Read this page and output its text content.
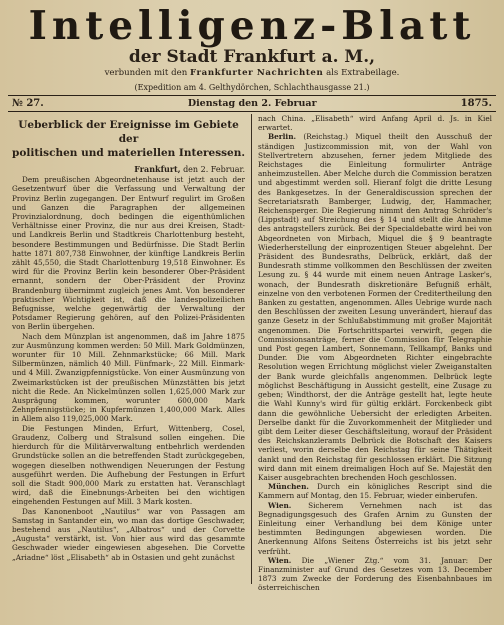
Intelligenz-Blatt
der Stadt Frankfurt a. M.,
verbunden mit den Frankfurter Nachrichten als Extrabeilage.
(Expedition am 4. Gelthydörchen, Schlachthausgasse 21.)
№ 27.	Dienstag den 2. Februar	1875.
Ueberblick der Ereignisse im Gebiete der
politischen und materiellen Interessen.
Frankfurt, den 2. Februar.

Dem preußischen Abgeordnetenhause ist jetzt auch der Gesetzentwurf über die Verfassung und Verwaltung der Provinz Berlin zugegangen. Der Entwurf regulirt im Großen und Ganzen die Paragraphen der allgemeinen Provinzialordnung, doch bedingen die eigenthümlichen Verhältnisse einer Provinz, die nur aus drei Kreisen, Stadt- und Landkreis Berlin und Stadtkreis Charlottenburg besteht, besondere Bestimmungen und Bedürfnisse. Die Stadt Berlin hatte 1871 807,738 Einwohner, der künftige Landkreis Berlin zählt 45,550, die Stadt Charlottenburg 19,518 Einwohner. Es wird für die Provinz Berlin kein besonderer Ober-Präsident ernannt, sondern der Ober-Präsident der Provinz Brandenburg übernimmt zugleich jenes Amt. Von besonderer praktischer Wichtigkeit ist, daß die landespolizeilichen Befugnisse, welche gegenwärtig der Verwaltung der Potsdamer Regierung gehören, auf den Polizei-Präsidenten von Berlin übergehen.

Nach dem Münzplan ist angenommen, daß im Jahre 1875 zur Ausmünzung kommen werden: 50 Mill. Mark Goldmünzen, worunter für 10 Mill. Zehnmarkstücke; 66 Mill. Mark Silbermünzen, nämlich 40 Mill. Fünfmark-, 22 Mill. Einmark- und 4 Mill. Zwanzigpfennigstücke. Von einer Ausmünzung von Zweimarkstücken ist der preußischen Münzstätten bis jetzt nicht die Rede. An Nickelmünzen sollen 1,625,000 Mark zur Ausprägung kommen, worunter 600,000 Mark Zehnpfennigstücke; in Kupfermünzen 1,400,000 Mark. Alles in Allem also 119,025,000 Mark.

Die Festungen Minden, Erfurt, Wittenberg, Cosel, Graudenz, Colberg und Stralsund sollen eingehen. Die hierdurch für die Militärverwaltung entbehrlich werdenden Grundstücke sollen an die betreffenden Stadt zurückgegeben, wogegen dieselben nothwendigen Neuerungen der Festung ausgeführt werden. Die Aufhebung der Festungen in Erfurt soll die Stadt 900,000 Mark zu erstatten hat. Veranschlagt wird, daß die Einebnungs-Arbeiten bei den wichtigen eingehenden Festungen auf Mill. 3 Mark kosten.

Das Kanonenboot „Nautilus“ war von Passagen am Samstag in Santander ein, wo man das dortige Geschwader, bestehend aus „Nautilus“, „Albatros“ und der Corvette „Augusta“ verstärkt, ist. Von hier aus wird das gesammte Geschwader wieder eingewiesen abgesehen. Die Corvette „Ariadne“ löst „Elisabeth“ ab in Ostasien und geht zunächst

nach China. „Elisabeth“ wird Anfang April d. Js. in Kiel erwartet.

Berlin. (Reichstag.) Miquel theilt den Ausschuß der ständigen Justizcommission mit, von der Wahl von Stellvertretern abzusehen, ferner jedem Mitgliede des Reichstages die Einleitung formulirter Anträge anheimzustellen. Aber Melche durch die Commission beratzen und abgestimmt werden soll. Hieranf folgt die dritte Lesung des Bankgesetzes. In der Generaldiscussion sprechen der Secretariatsrath Bamberger, Ludwig, der, Hammacher, Reichensperger. Die Regierung nimmt den Antrag Schröder's (Lippstadt) auf Streichung des § 14 und stellt die Annahme des antragstellers zurück. Bei der Specialdebatte wird bei von Abgeordneten von Mirbach, Miquel die § 9 beantragte Wiederherstellung der einprozentigen Steuer abgelehnt. Der Präsident des Bundesraths, Delbrück, erklärt, daß der Bundesrath stimme vollkommen den Beschlüssen der zweiten Lesung zu. § 44 wurde mit einem neuen Antrage Lasker's, wonach, der Bundesrath diskretionäre Befugniß erhält, einzelne von den verbotenen Formen der Creditertheilung den Banken zu gestatten, angenommen. Alles Uebrige wurde nach den Beschlüssen der zweiten Lesung unverändert, hierauf das ganze Gesetz in der Schlußabstimmung mit großer Majorität angenommen. Die Fortschrittspartei verwirft, gegen die Commissionsanträge, ferner die Commission für Telegraphie und Post gegen Lambert, Sonnemann, Tellkampf, Banks und Dunder. Die vom Abgeordneten Richter eingebrachte Resolution wegen Errichtung möglichst vieler Zweiganstalten der Bank wurde gleichfalls angenommen. Delbrück legte möglichst Beschäftigung in Aussicht gestellt, eine Zusage zu geben; Windthorst, der die Anträge gestellt hat, legte heute die Wahl Kunny's wird für gültig erklärt. Forckenbeck gibt dann die gewöhnliche Uebersicht der erledigten Arbeiten. Derselbe dankt für die Zuvorkommenheit der Mitglieder und gibt dem Leiter dieser Geschäftsleitung, worauf der Präsident des Reichskanzleramts Delbrück die Botschaft des Kaisers verliest, worin derselbe den Reichstag für seine Thätigkeit dankt und den Reichstag für geschlossen erklärt. Die Sitzung wird dann mit einem dreimaligen Hoch auf Se. Majestät den Kaiser ausgebrachten brechenden Hoch geschlossen.

München. Durch ein königliches Rescript sind die Kammern auf Montag, den 15. Februar, wieder einberufen.

Wien. Sicherem Vernehmen nach ist das Begnadigungsgesuch des Grafen Arnim zu Gunsten der Einleitung einer Verhandlung bei dem Könige unter bestimmten Bedingungen abgewiesen worden. Die Anerkennung Alfons Seitens Österreichs ist bis jetzt sehr verfrüht.

Wien. Die „Wiener Ztg.“ vom 31. Januar: Der Finanzminister auf Grund des Gesetzes vom 13. December 1873 zum Zwecke der Forderung des Eisenbahnbaues im österreichischen
